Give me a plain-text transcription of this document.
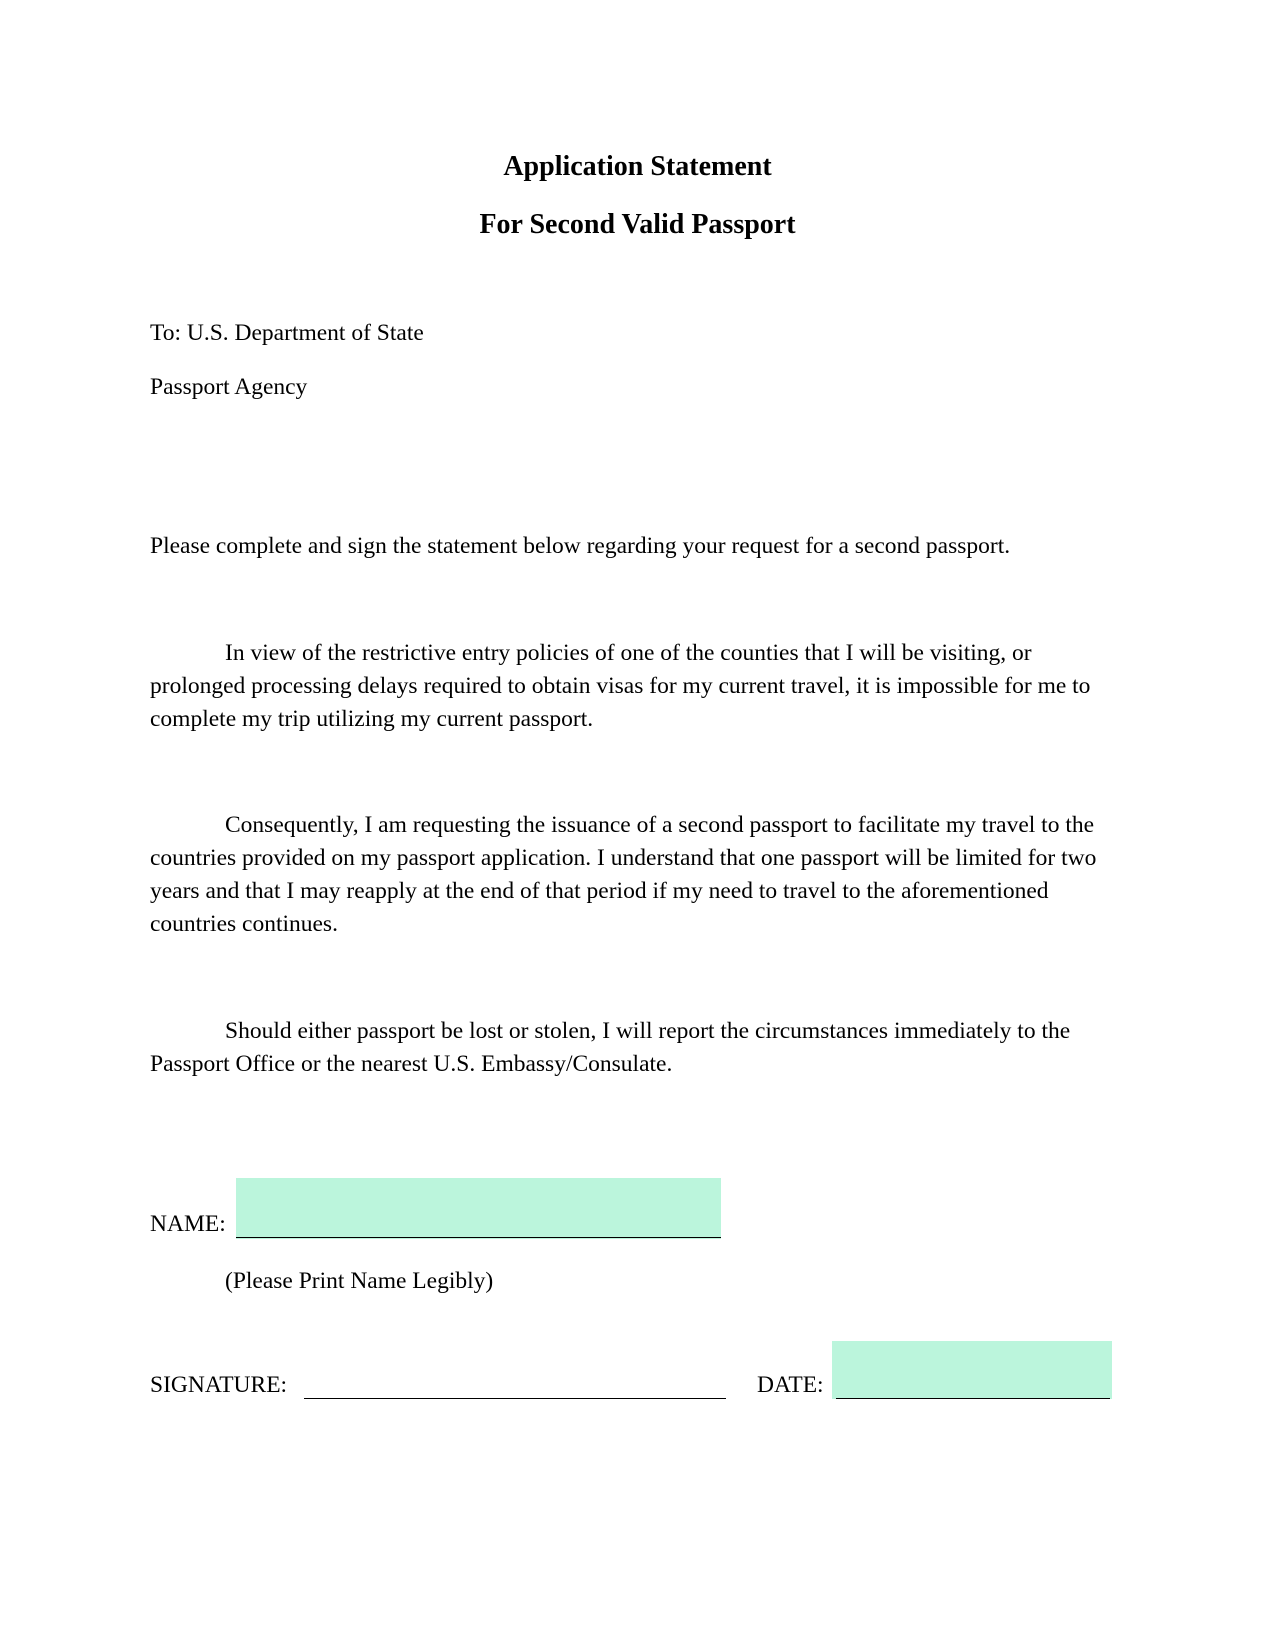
Application Statement
For Second Valid Passport
To: U.S. Department of State
Passport Agency
Please complete and sign the statement below regarding your request for a second passport.
In view of the restrictive entry policies of one of the counties that I will be visiting, or prolonged processing delays required to obtain visas for my current travel, it is impossible for me to complete my trip utilizing my current passport.
Consequently, I am requesting the issuance of a second passport to facilitate my travel to the countries provided on my passport application. I understand that one passport will be limited for two years and that I may reapply at the end of that period if my need to travel to the aforementioned countries continues.
Should either passport be lost or stolen, I will report the circumstances immediately to the Passport Office or the nearest U.S. Embassy/Consulate.
NAME:
(Please Print Name Legibly)
SIGNATURE:	DATE:
